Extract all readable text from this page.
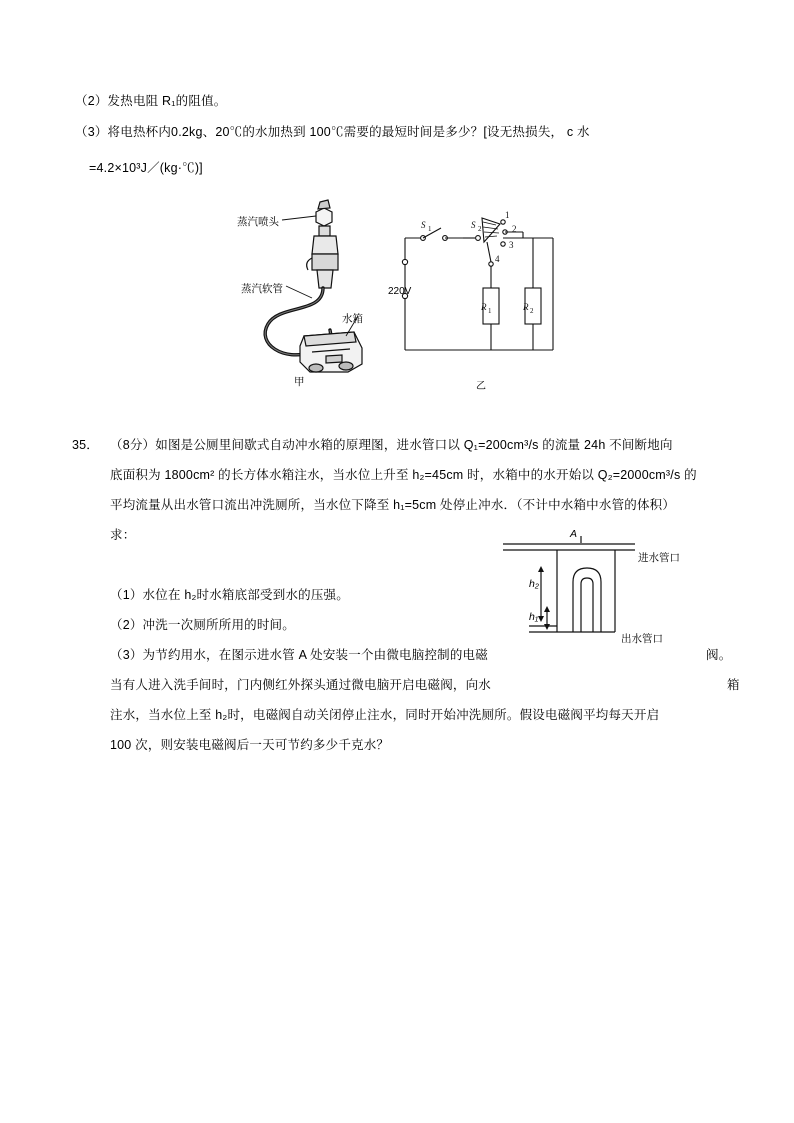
（2）发热电阻 R₁的阻值。
（3）将电热杯内0.2kg、20℃的水加热到 100℃需要的最短时间是多少？[设无热损失， c 水
=4.2×10³J／(kg·℃)]
蒸汽喷头
蒸汽软管
水箱
甲
S 1	S 2
1
2
3
4
R 1	R 2
220V
乙
35． （8分）如图是公厕里间歇式自动冲水箱的原理图，进水管口以 Q₁=200cm³/s 的流量 24h 不间断地向
底面积为 1800cm² 的长方体水箱注水，当水位上升至 h₂=45cm 时，水箱中的水开始以 Q₂=2000cm³/s 的
平均流量从出水管口流出冲洗厕所，当水位下降至 h₁=5cm 处停止冲水．（不计中水箱中水管的体积）
求：
（1）水位在 h₂时水箱底部受到水的压强。
（2）冲洗一次厕所所用的时间。
（3）为节约用水，在图示进水管 A 处安装一个由微电脑控制的电磁	阀。
当有人进入洗手间时，门内侧红外探头通过微电脑开启电磁阀，向水	箱
注水，当水位上至 h₂时，电磁阀自动关闭停止注水，同时开始冲洗厕所。假设电磁阀平均每天开启
100 次，则安装电磁阀后一天可节约多少千克水？
进水管口
出水管口
A
h₂
h₁
